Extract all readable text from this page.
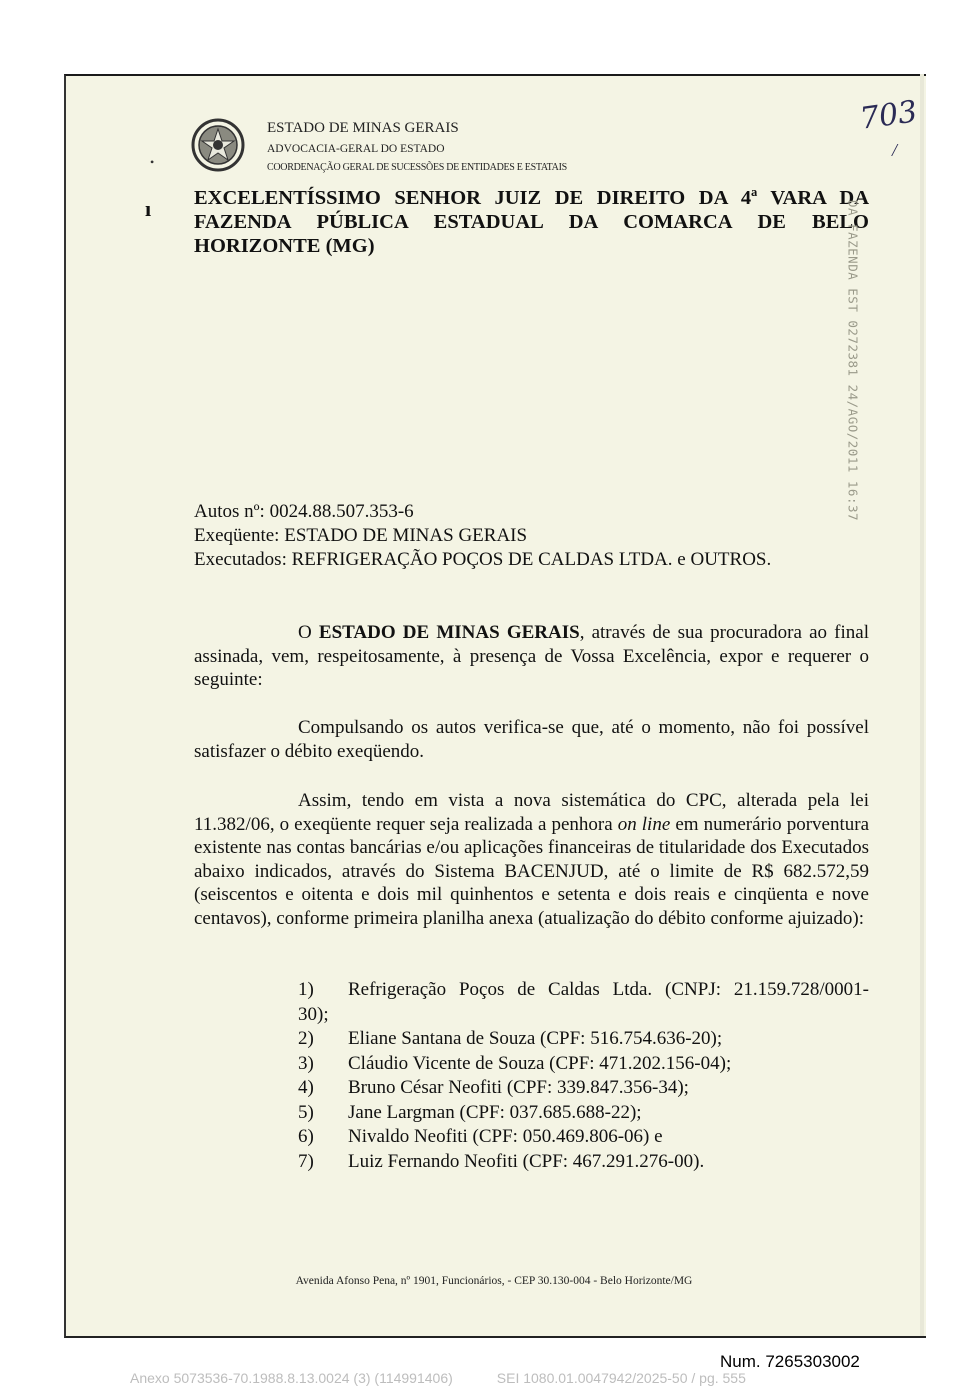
ESTADO DE MINAS GERAIS
ADVOCACIA-GERAL DO ESTADO
COORDENAÇÃO GERAL DE SUCESSÕES DE ENTIDADES E ESTATAIS
•
ı
703
/
EXCELENTÍSSIMO SENHOR JUIZ DE DIREITO DA 4ª VARA DA
FAZENDA PÚBLICA ESTADUAL DA COMARCA DE BELO
HORIZONTE (MG)	DA FAZENDA EST 0272381 24/AGO/2011 16:37
Autos nº: 0024.88.507.353-6
Exeqüente: ESTADO DE MINAS GERAIS
Executados: REFRIGERAÇÃO POÇOS DE CALDAS LTDA. e OUTROS.
O ESTADO DE MINAS GERAIS, através de sua procuradora ao final assinada, vem, respeitosamente, à presença de Vossa Excelência, expor e requerer o seguinte:
Compulsando os autos verifica-se que, até o momento, não foi possível satisfazer o débito exeqüendo.
Assim, tendo em vista a nova sistemática do CPC, alterada pela lei 11.382/06, o exeqüente requer seja realizada a penhora on line em numerário porventura existente nas contas bancárias e/ou aplicações financeiras de titularidade dos Executados abaixo indicados, através do Sistema BACENJUD, até o limite de R$ 682.572,59 (seiscentos e oitenta e dois mil quinhentos e setenta e dois reais e cinqüenta e nove centavos), conforme primeira planilha anexa (atualização do débito conforme ajuizado):
1)	Refrigeração Poços de Caldas Ltda. (CNPJ: 21.159.728/0001-
30);
2)	Eliane Santana de Souza (CPF: 516.754.636-20);
3)	Cláudio Vicente de Souza (CPF: 471.202.156-04);
4)	Bruno César Neofiti (CPF: 339.847.356-34);
5)	Jane Largman (CPF: 037.685.688-22);
6)	Nivaldo Neofiti (CPF: 050.469.806-06) e
7)	Luiz Fernando Neofiti (CPF: 467.291.276-00).
Avenida Afonso Pena, nº 1901, Funcionários, - CEP 30.130-004 - Belo Horizonte/MG
Num. 7265303002
Anexo 5073536-70.1988.8.13.0024 (3) (114991406)	SEI 1080.01.0047942/2025-50 / pg. 555
